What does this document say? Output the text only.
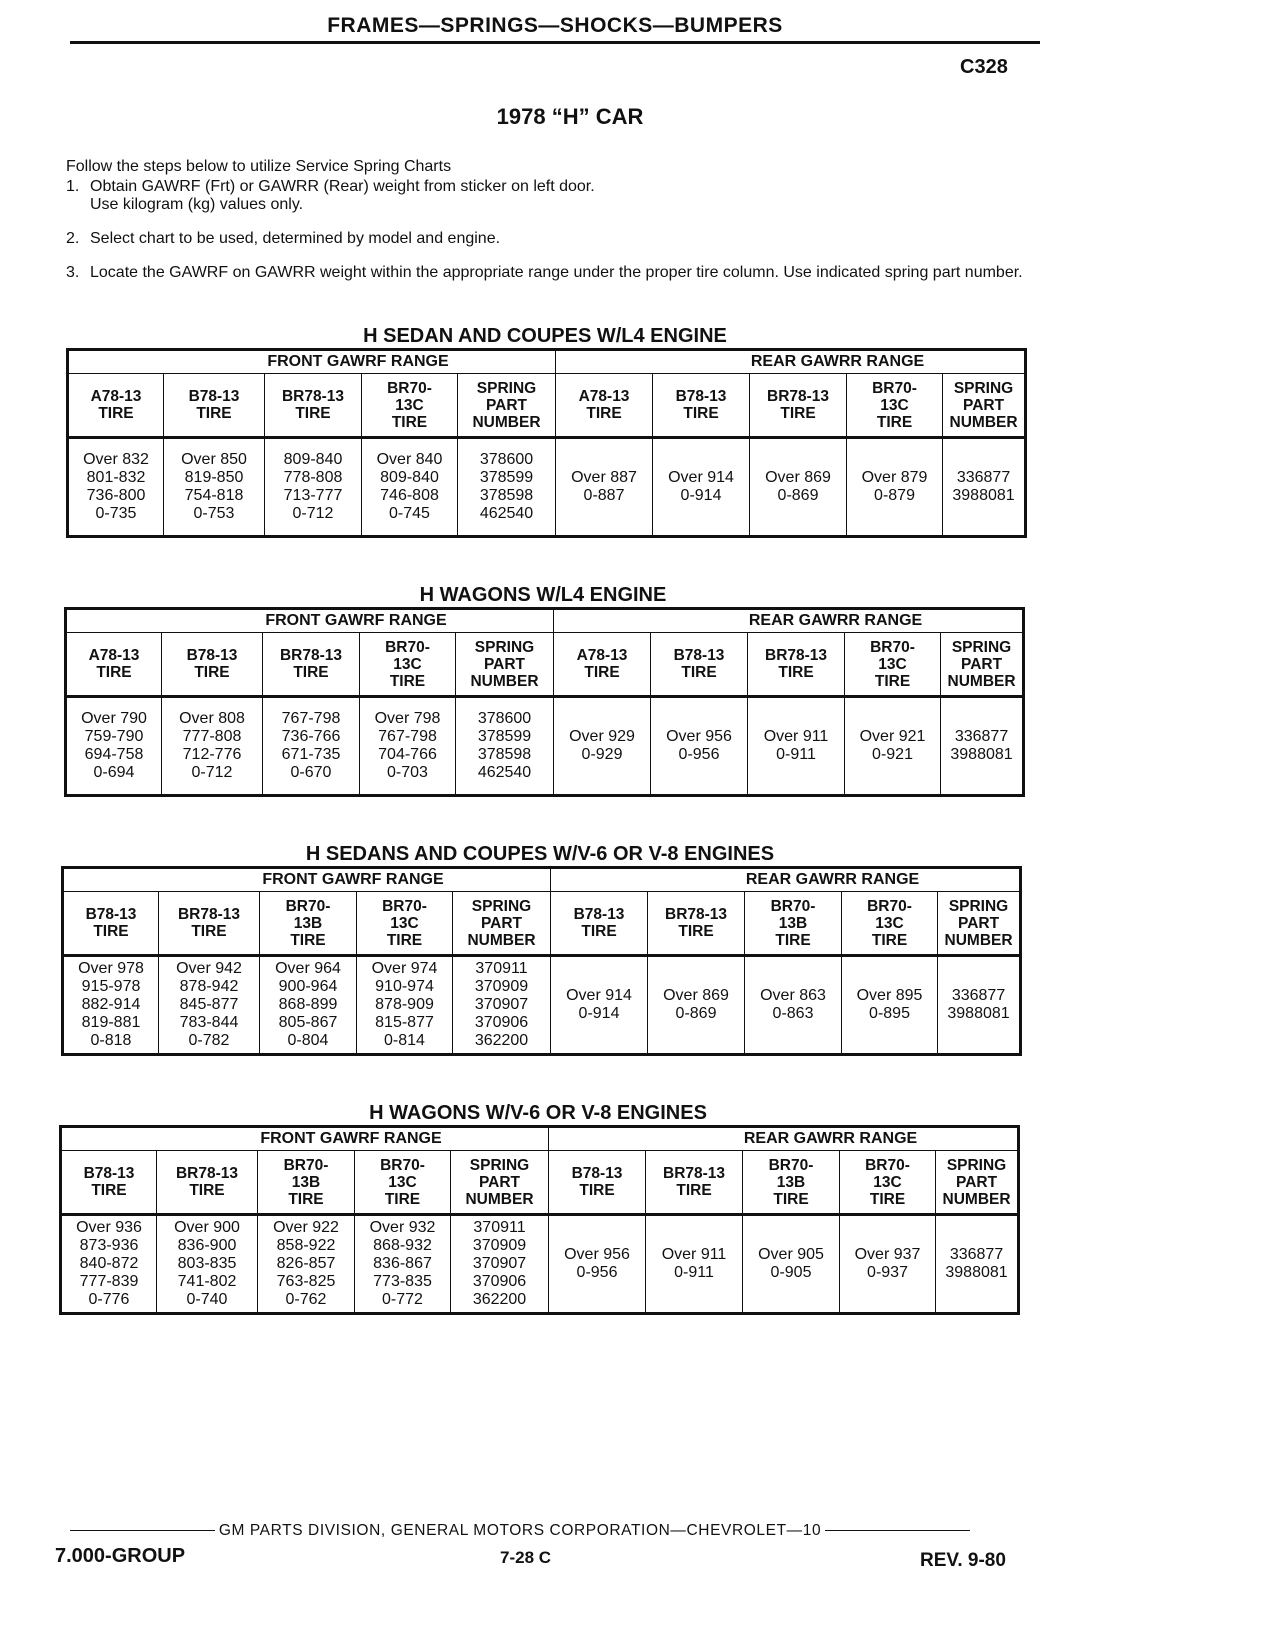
FRAMES—SPRINGS—SHOCKS—BUMPERS
C328
1978 “H” CAR
Follow the steps below to utilize Service Spring Charts
1. Obtain GAWRF (Frt) or GAWRR (Rear) weight from sticker on left door.
Use kilogram (kg) values only.
2. Select chart to be used, determined by model and engine.
3. Locate the GAWRF on GAWRR weight within the appropriate range under the proper tire column. Use indicated spring part number.
H SEDAN AND COUPES W/L4 ENGINE
FRONT GAWRF RANGE					REAR GAWRR RANGE				
A78-13
TIRE	B78-13
TIRE	BR78-13
TIRE	BR70-
13C
TIRE	SPRING
PART
NUMBER	A78-13
TIRE	B78-13
TIRE	BR78-13
TIRE	BR70-
13C
TIRE	SPRING
PART
NUMBER
Over 832
801-832
736-800
0-735	Over 850
819-850
754-818
0-753	809-840
778-808
713-777
0-712	Over 840
809-840
746-808
0-745	378600
378599
378598
462540	Over 887
0-887	Over 914
0-914	Over 869
0-869	Over 879
0-879	336877
3988081
H WAGONS W/L4 ENGINE
FRONT GAWRF RANGE					REAR GAWRR RANGE				
A78-13
TIRE	B78-13
TIRE	BR78-13
TIRE	BR70-
13C
TIRE	SPRING
PART
NUMBER	A78-13
TIRE	B78-13
TIRE	BR78-13
TIRE	BR70-
13C
TIRE	SPRING
PART
NUMBER
Over 790
759-790
694-758
0-694	Over 808
777-808
712-776
0-712	767-798
736-766
671-735
0-670	Over 798
767-798
704-766
0-703	378600
378599
378598
462540	Over 929
0-929	Over 956
0-956	Over 911
0-911	Over 921
0-921	336877
3988081
H SEDANS AND COUPES W/V-6 OR V-8 ENGINES
FRONT GAWRF RANGE					REAR GAWRR RANGE				
B78-13
TIRE	BR78-13
TIRE	BR70-
13B
TIRE	BR70-
13C
TIRE	SPRING
PART
NUMBER	B78-13
TIRE	BR78-13
TIRE	BR70-
13B
TIRE	BR70-
13C
TIRE	SPRING
PART
NUMBER
Over 978
915-978
882-914
819-881
0-818	Over 942
878-942
845-877
783-844
0-782	Over 964
900-964
868-899
805-867
0-804	Over 974
910-974
878-909
815-877
0-814	370911
370909
370907
370906
362200	Over 914
0-914	Over 869
0-869	Over 863
0-863	Over 895
0-895	336877
3988081
H WAGONS W/V-6 OR V-8 ENGINES
FRONT GAWRF RANGE					REAR GAWRR RANGE				
B78-13
TIRE	BR78-13
TIRE	BR70-
13B
TIRE	BR70-
13C
TIRE	SPRING
PART
NUMBER	B78-13
TIRE	BR78-13
TIRE	BR70-
13B
TIRE	BR70-
13C
TIRE	SPRING
PART
NUMBER
Over 936
873-936
840-872
777-839
0-776	Over 900
836-900
803-835
741-802
0-740	Over 922
858-922
826-857
763-825
0-762	Over 932
868-932
836-867
773-835
0-772	370911
370909
370907
370906
362200	Over 956
0-956	Over 911
0-911	Over 905
0-905	Over 937
0-937	336877
3988081
GM PARTS DIVISION, GENERAL MOTORS CORPORATION—CHEVROLET—10
7.000-GROUP	7-28 C	REV. 9-80
